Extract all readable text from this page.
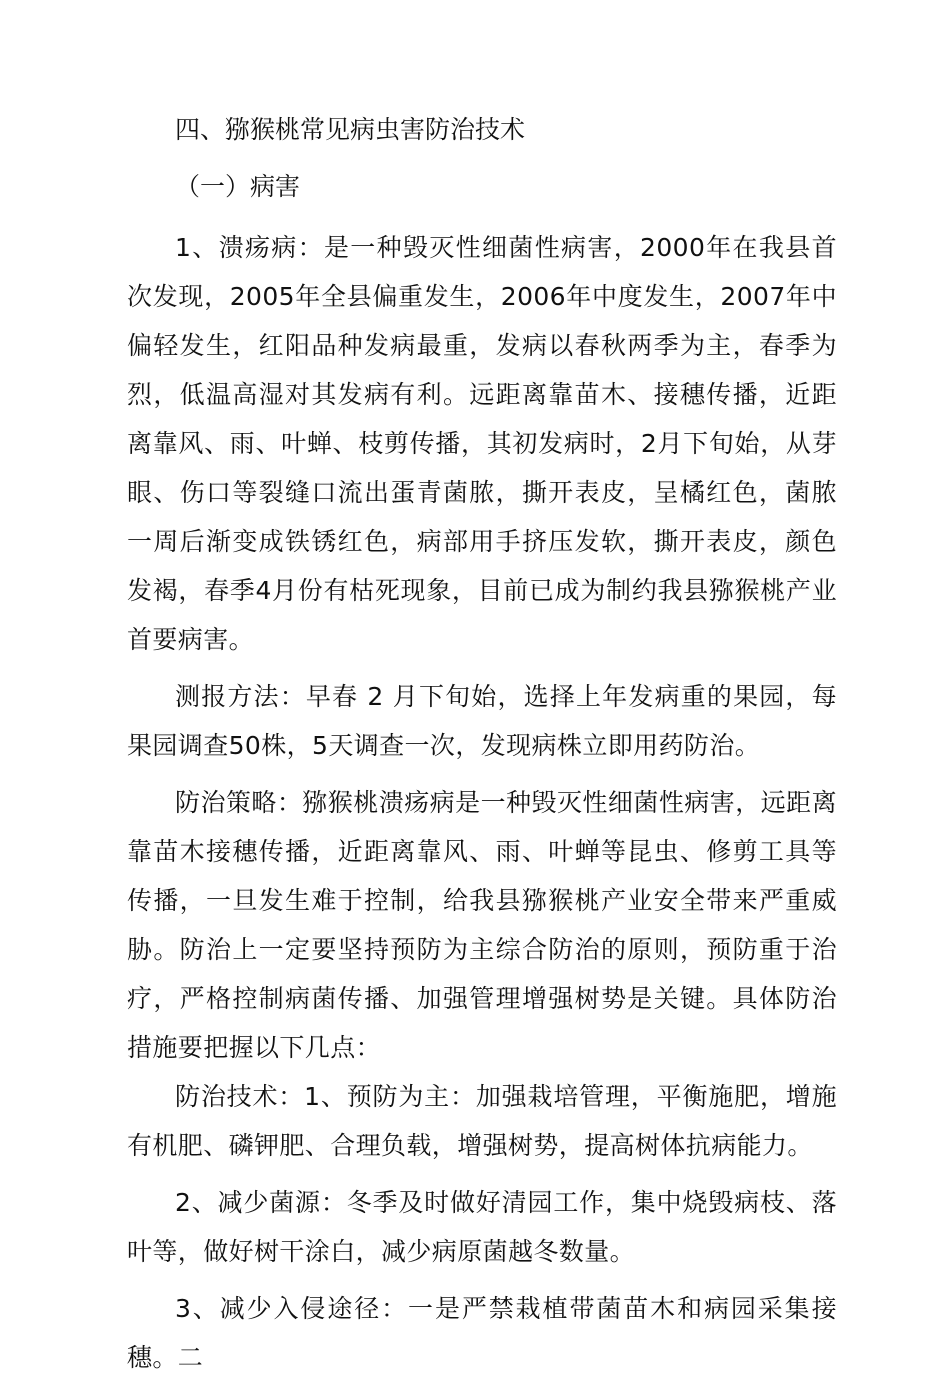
四、猕猴桃常见病虫害防治技术

（一）病害

1、溃疡病：是一种毁灭性细菌性病害，2000年在我县首次发现，2005年全县偏重发生，2006年中度发生，2007年中偏轻发生，红阳品种发病最重，发病以春秋两季为主，春季为烈，低温高湿对其发病有利。远距离靠苗木、接穗传播，近距离靠风、雨、叶蝉、枝剪传播，其初发病时，2月下旬始，从芽眼、伤口等裂缝口流出蛋青菌脓，撕开表皮，呈橘红色，菌脓一周后渐变成铁锈红色，病部用手挤压发软，撕开表皮，颜色发褐，春季4月份有枯死现象，目前已成为制约我县猕猴桃产业首要病害。

测报方法：早春 2 月下旬始，选择上年发病重的果园，每果园调查50株，5天调查一次，发现病株立即用药防治。

防治策略：猕猴桃溃疡病是一种毁灭性细菌性病害，远距离靠苗木接穗传播，近距离靠风、雨、叶蝉等昆虫、修剪工具等传播，一旦发生难于控制，给我县猕猴桃产业安全带来严重威胁。防治上一定要坚持预防为主综合防治的原则，预防重于治疗，严格控制病菌传播、加强管理增强树势是关键。具体防治措施要把握以下几点：

防治技术：1、预防为主：加强栽培管理，平衡施肥，增施有机肥、磷钾肥、合理负载，增强树势，提高树体抗病能力。

2、减少菌源：冬季及时做好清园工作，集中烧毁病枝、落叶等，做好树干涂白，减少病原菌越冬数量。

3、减少入侵途径：一是严禁栽植带菌苗木和病园采集接穗。二
